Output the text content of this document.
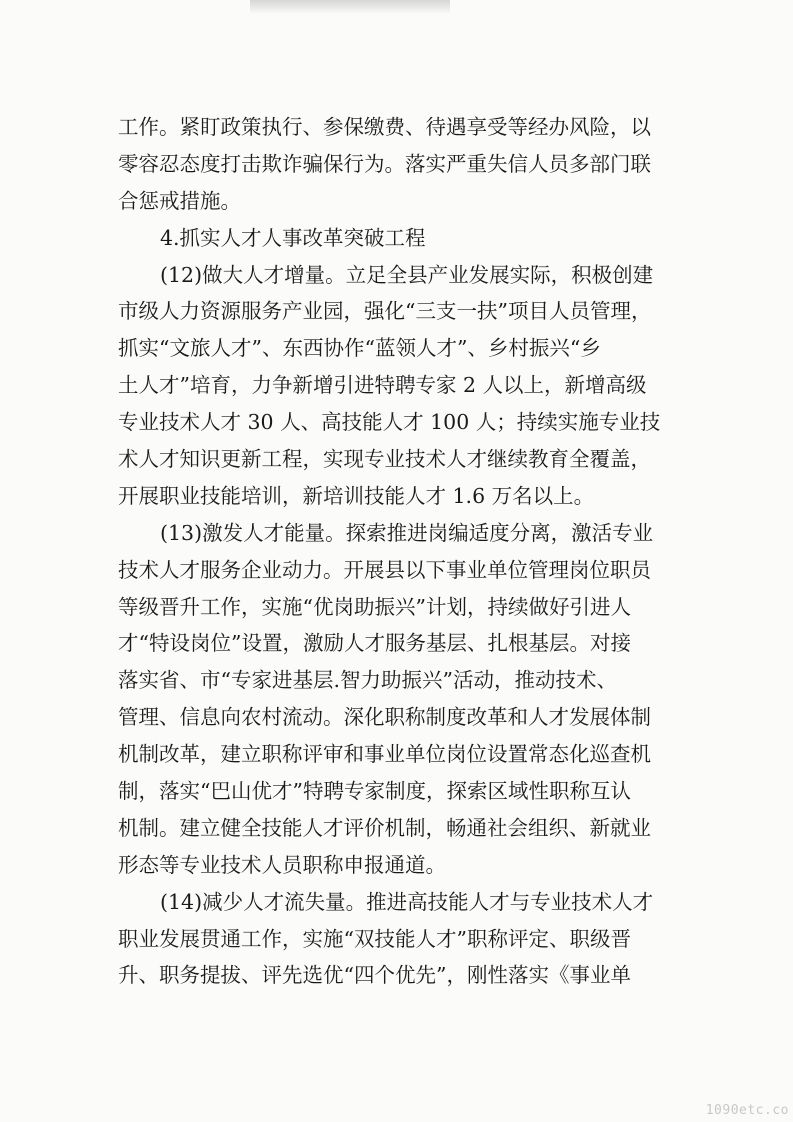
工作。紧盯政策执行、参保缴费、待遇享受等经办风险，以
零容忍态度打击欺诈骗保行为。落实严重失信人员多部门联
合惩戒措施。
4.抓实人才人事改革突破工程
(12)做大人才增量。立足全县产业发展实际，积极创建
市级人力资源服务产业园，强化“三支一扶”项目人员管理，
抓实“文旅人才”、东西协作“蓝领人才”、乡村振兴“乡
土人才”培育，力争新增引进特聘专家 2 人以上，新增高级
专业技术人才 30 人、高技能人才 100 人；持续实施专业技
术人才知识更新工程，实现专业技术人才继续教育全覆盖，
开展职业技能培训，新培训技能人才 1.6 万名以上。
(13)激发人才能量。探索推进岗编适度分离，激活专业
技术人才服务企业动力。开展县以下事业单位管理岗位职员
等级晋升工作，实施“优岗助振兴”计划，持续做好引进人
才“特设岗位”设置，激励人才服务基层、扎根基层。对接
落实省、市“专家进基层.智力助振兴”活动，推动技术、
管理、信息向农村流动。深化职称制度改革和人才发展体制
机制改革，建立职称评审和事业单位岗位设置常态化巡查机
制，落实“巴山优才”特聘专家制度，探索区域性职称互认
机制。建立健全技能人才评价机制，畅通社会组织、新就业
形态等专业技术人员职称申报通道。
(14)减少人才流失量。推进高技能人才与专业技术人才
职业发展贯通工作，实施“双技能人才”职称评定、职级晋
升、职务提拔、评先选优“四个优先”，刚性落实《事业单
1090etc.co
